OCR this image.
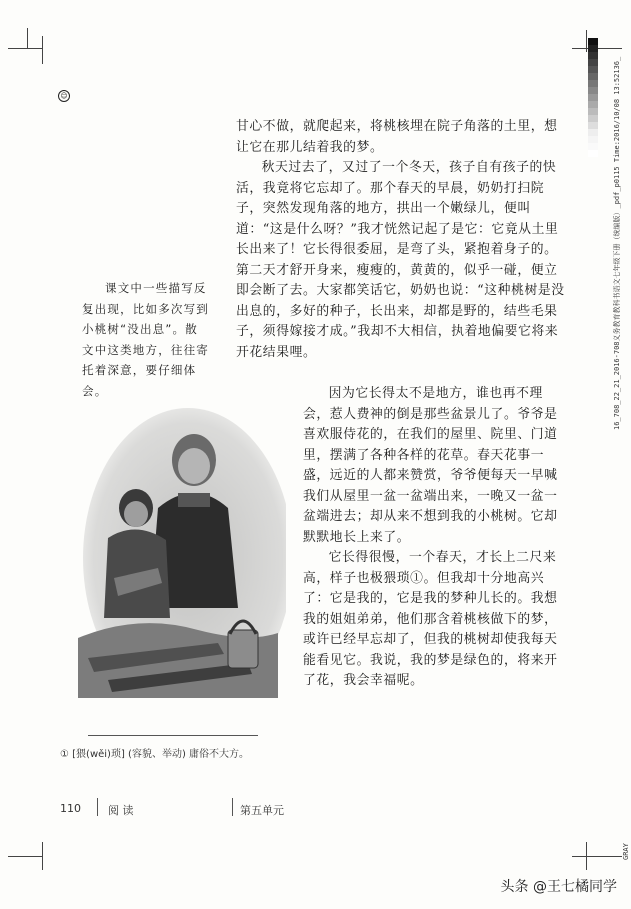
☺

甘心不做，就爬起来，将桃核埋在院子角落的土里，想让它在那儿结着我的梦。

秋天过去了，又过了一个冬天，孩子自有孩子的快活，我竟将它忘却了。那个春天的早晨，奶奶打扫院子，突然发现角落的地方，拱出一个嫩绿儿，便叫道：“这是什么呀？”我才恍然记起了是它：它竟从土里长出来了！它长得很委屈，是弯了头，紧抱着身子的。第二天才舒开身来，瘦瘦的，黄黄的，似乎一碰，便立即会断了去。大家都笑话它，奶奶也说：“这种桃树是没出息的，多好的种子，长出来，却都是野的，结些毛果子，须得嫁接才成。”我却不大相信，执着地偏要它将来开花结果哩。

因为它长得太不是地方，谁也再不理会，惹人费神的倒是那些盆景儿了。爷爷是喜欢服侍花的，在我们的屋里、院里、门道里，摆满了各种各样的花草。春天花事一盛，远近的人都来赞赏，爷爷便每天一早喊我们从屋里一盆一盆端出来，一晚又一盆一盆端进去；却从来不想到我的小桃树。它却默默地长上来了。

它长得很慢，一个春天，才长上二尺来高，样子也极猥琐①。但我却十分地高兴了：它是我的，它是我的梦种儿长的。我想我的姐姐弟弟，他们那含着桃核做下的梦，或许已经早忘却了，但我的桃树却使我每天能看见它。我说，我的梦是绿色的，将来开了花，我会幸福呢。

课文中一些描写反复出现，比如多次写到小桃树“没出息”。散文中这类地方，往往寄托着深意，要仔细体会。

① [猥(wěi)琐] (容貌、举动) 庸俗不大方。
110 阅 读	第五单元
16_708_22_21_2016-708义务教育教科书语文七年级下册（统编版）_pdf_p0115 Time:2016/10/08 13:52136_
GRAY
头条 @王七橘同学
